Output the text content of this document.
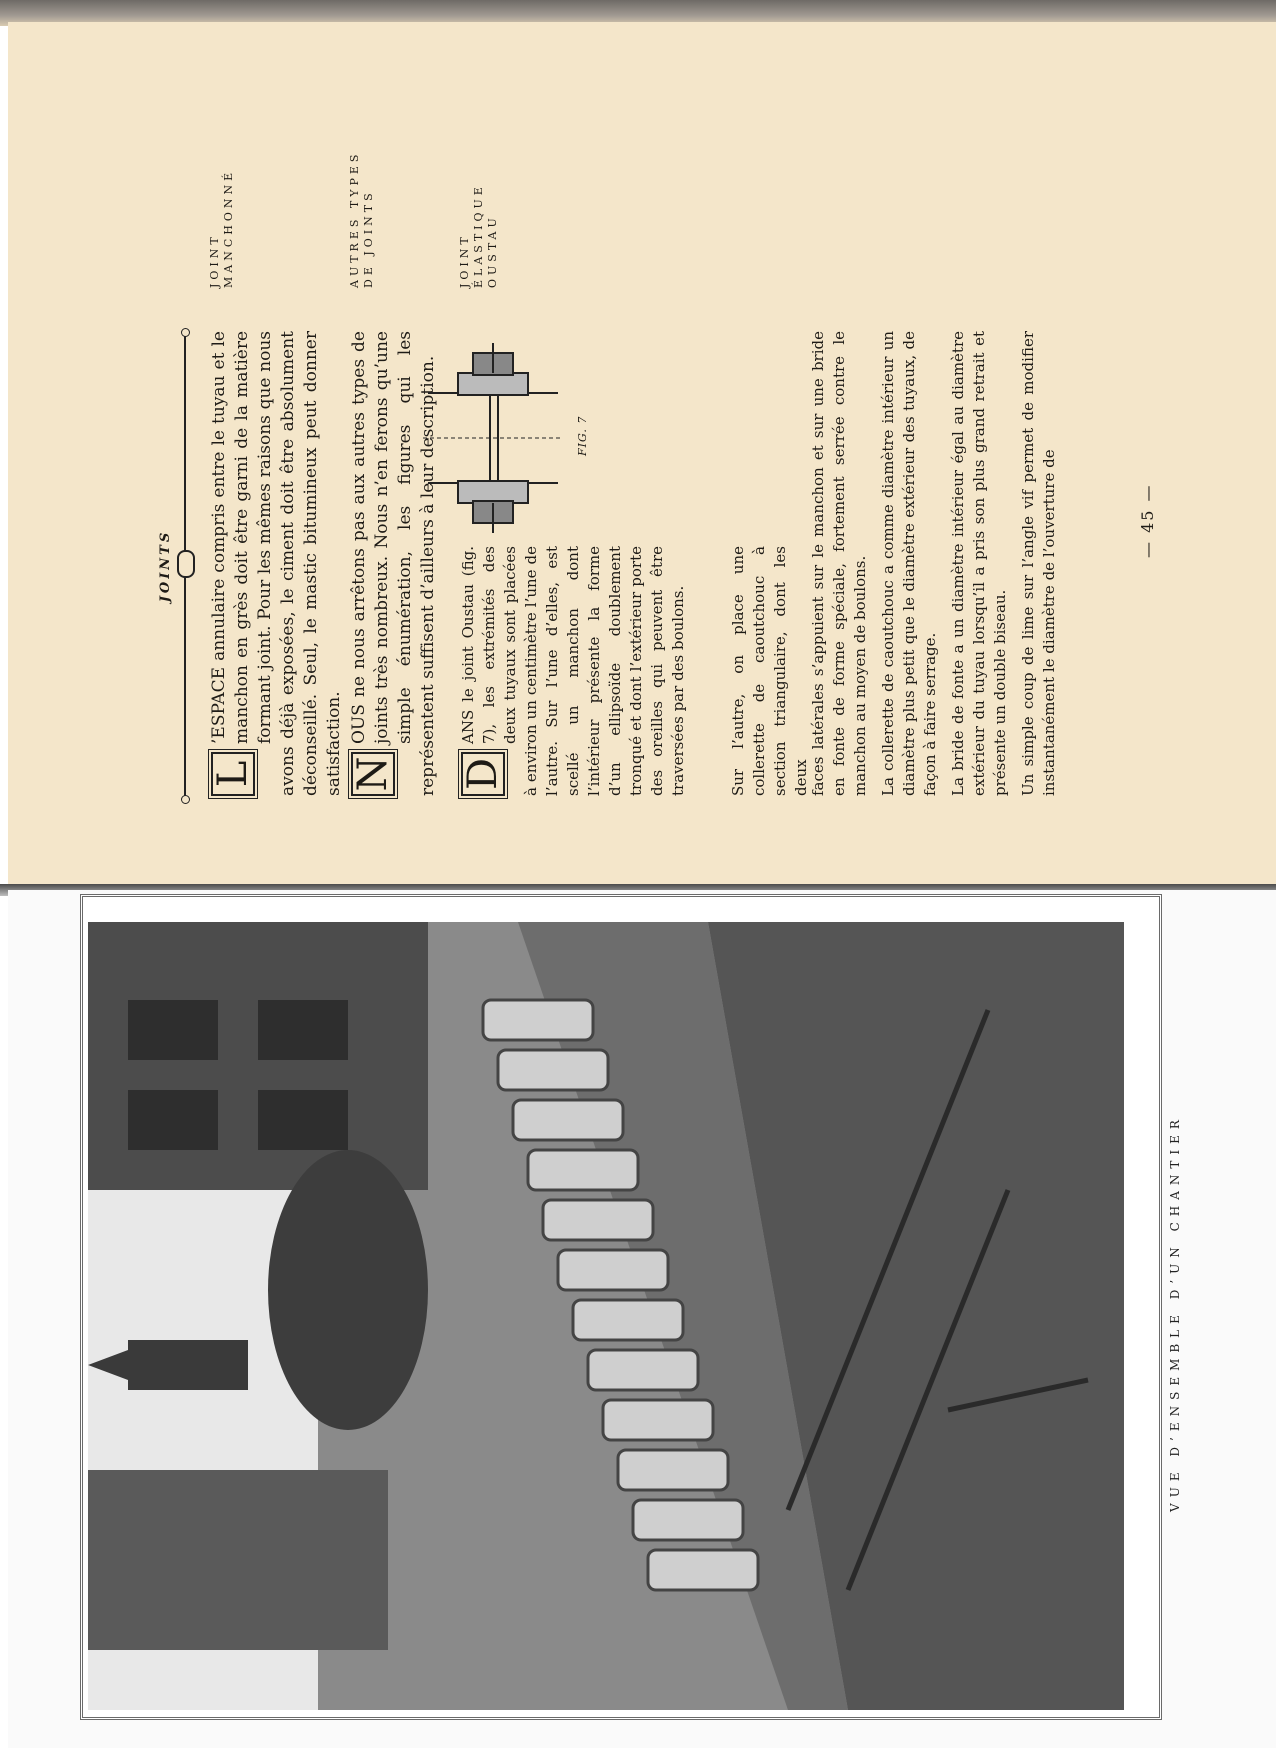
JOINTS
L
’ESPACE annulaire compris entre le tuyau et le manchon en grès doit être garni de la matière formant joint. Pour les mêmes raisons que nous avons déjà exposées, le ciment doit être absolument déconseillé. Seul, le mastic bitumineux peut donner satisfaction.
JOINT MANCHONNÉ
N
OUS ne nous arrêtons pas aux autres types de joints très nombreux. Nous n’en ferons qu’une simple énumération, les figures qui les représentent suffisent d’ailleurs à leur description.
AUTRES TYPES DE JOINTS
D
ANS le joint Oustau (fig. 7), les extrémités des deux tuyaux sont placées à environ un centimètre l’une de l’autre. Sur l’une d’elles, est scellé un manchon dont l’intérieur présente la forme d’un ellipsoïde doublement tronqué et dont l’extérieur porte des oreilles qui peuvent être traversées par des boulons.	Sur l’autre, on place une collerette de caoutchouc à section triangulaire, dont les deux faces latérales s’appuient sur le manchon et sur une bride en fonte de forme spéciale, fortement serrée contre le manchon au moyen de boulons. La collerette de caoutchouc a comme diamètre intérieur un diamètre plus petit que le diamètre extérieur des tuyaux, de façon à faire serrage. La bride de fonte a un diamètre intérieur égal au diamètre extérieur du tuyau lorsqu’il a pris son plus grand retrait et présente un double biseau. Un simple coup de lime sur l’angle vif permet de modifier instantanément le diamètre de l’ouverture de
JOINT ÉLASTIQUE OUSTAU
FIG. 7
— 45 —
VUE D’ENSEMBLE D’UN CHANTIER
